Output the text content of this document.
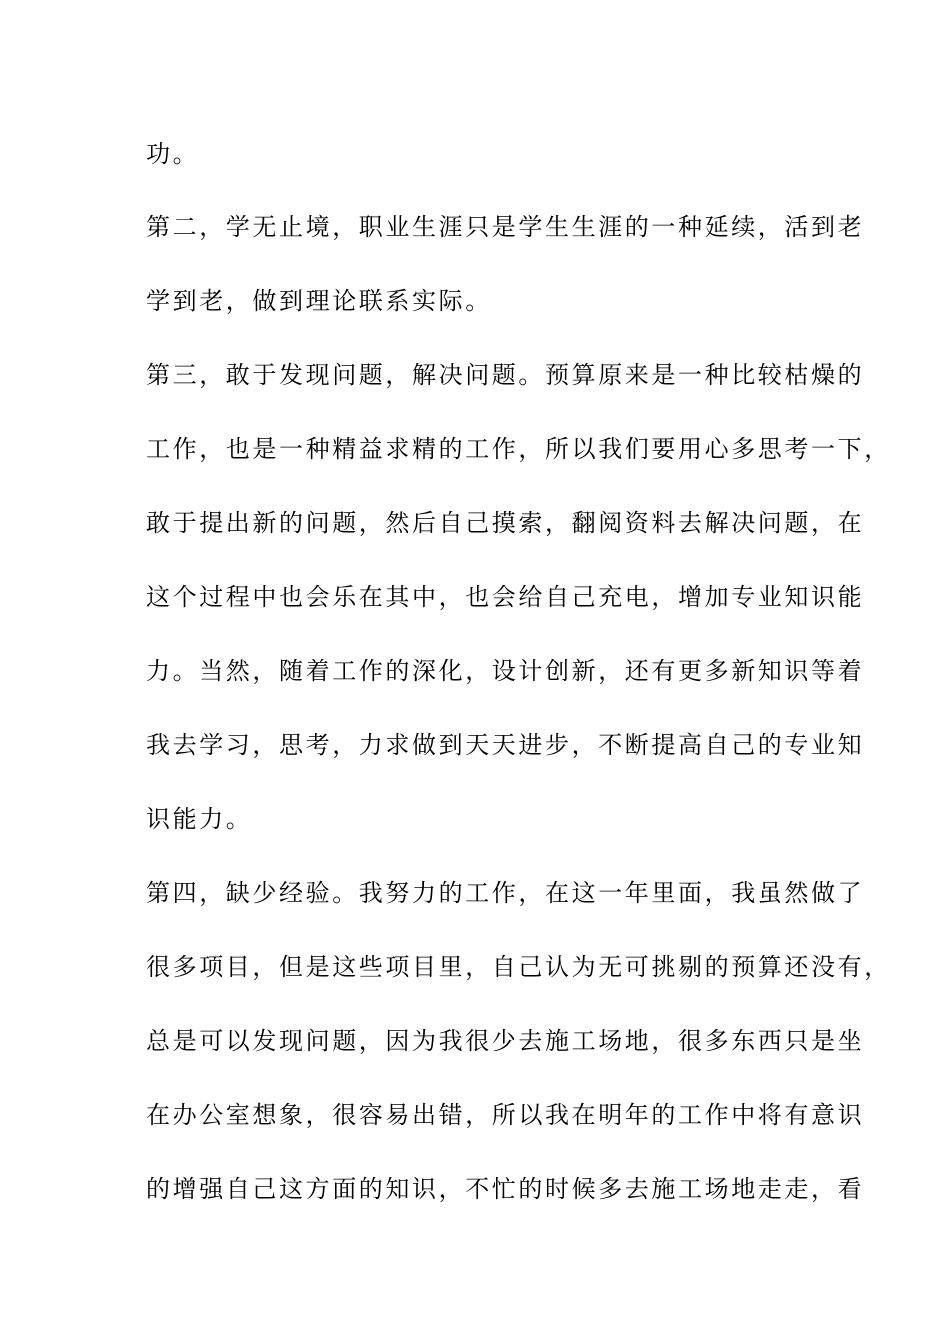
功。
第二，学无止境，职业生涯只是学生生涯的一种延续，活到老
学到老，做到理论联系实际。
第三，敢于发现问题，解决问题。预算原来是一种比较枯燥的
工作，也是一种精益求精的工作，所以我们要用心多思考一下，
敢于提出新的问题，然后自己摸索，翻阅资料去解决问题，在
这个过程中也会乐在其中，也会给自己充电，增加专业知识能
力。当然，随着工作的深化，设计创新，还有更多新知识等着
我去学习，思考，力求做到天天进步，不断提高自己的专业知
识能力。
第四，缺少经验。我努力的工作，在这一年里面，我虽然做了
很多项目，但是这些项目里，自己认为无可挑剔的预算还没有，
总是可以发现问题，因为我很少去施工场地，很多东西只是坐
在办公室想象，很容易出错，所以我在明年的工作中将有意识
的增强自己这方面的知识，不忙的时候多去施工场地走走，看
